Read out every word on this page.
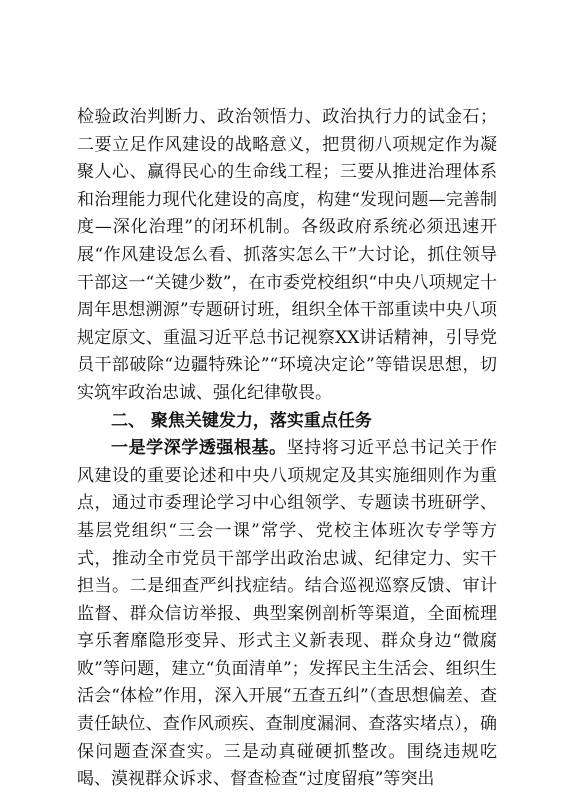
检验政治判断力、政治领悟力、政治执行力的试金石；二要立足作风建设的战略意义，把贯彻八项规定作为凝聚人心、赢得民心的生命线工程；三要从推进治理体系和治理能力现代化建设的高度，构建“发现问题—完善制度—深化治理”的闭环机制。各级政府系统必须迅速开展“作风建设怎么看、抓落实怎么干”大讨论，抓住领导干部这一“关键少数”，在市委党校组织“中央八项规定十周年思想溯源”专题研讨班，组织全体干部重读中央八项规定原文、重温习近平总书记视察XX讲话精神，引导党员干部破除“边疆特殊论”“环境决定论”等错误思想，切实筑牢政治忠诚、强化纪律敬畏。

二、 聚焦关键发力，落实重点任务

一是学深学透强根基。坚持将习近平总书记关于作风建设的重要论述和中央八项规定及其实施细则作为重点，通过市委理论学习中心组领学、专题读书班研学、基层党组织“三会一课”常学、党校主体班次专学等方式，推动全市党员干部学出政治忠诚、纪律定力、实干担当。二是细查严纠找症结。结合巡视巡察反馈、审计监督、群众信访举报、典型案例剖析等渠道，全面梳理享乐奢靡隐形变异、形式主义新表现、群众身边“微腐败”等问题，建立“负面清单”；发挥民主生活会、组织生活会“体检”作用，深入开展“五查五纠”（查思想偏差、查责任缺位、查作风顽疾、查制度漏洞、查落实堵点），确保问题查深查实。三是动真碰硬抓整改。围绕违规吃喝、漠视群众诉求、督查检查“过度留痕”等突出
